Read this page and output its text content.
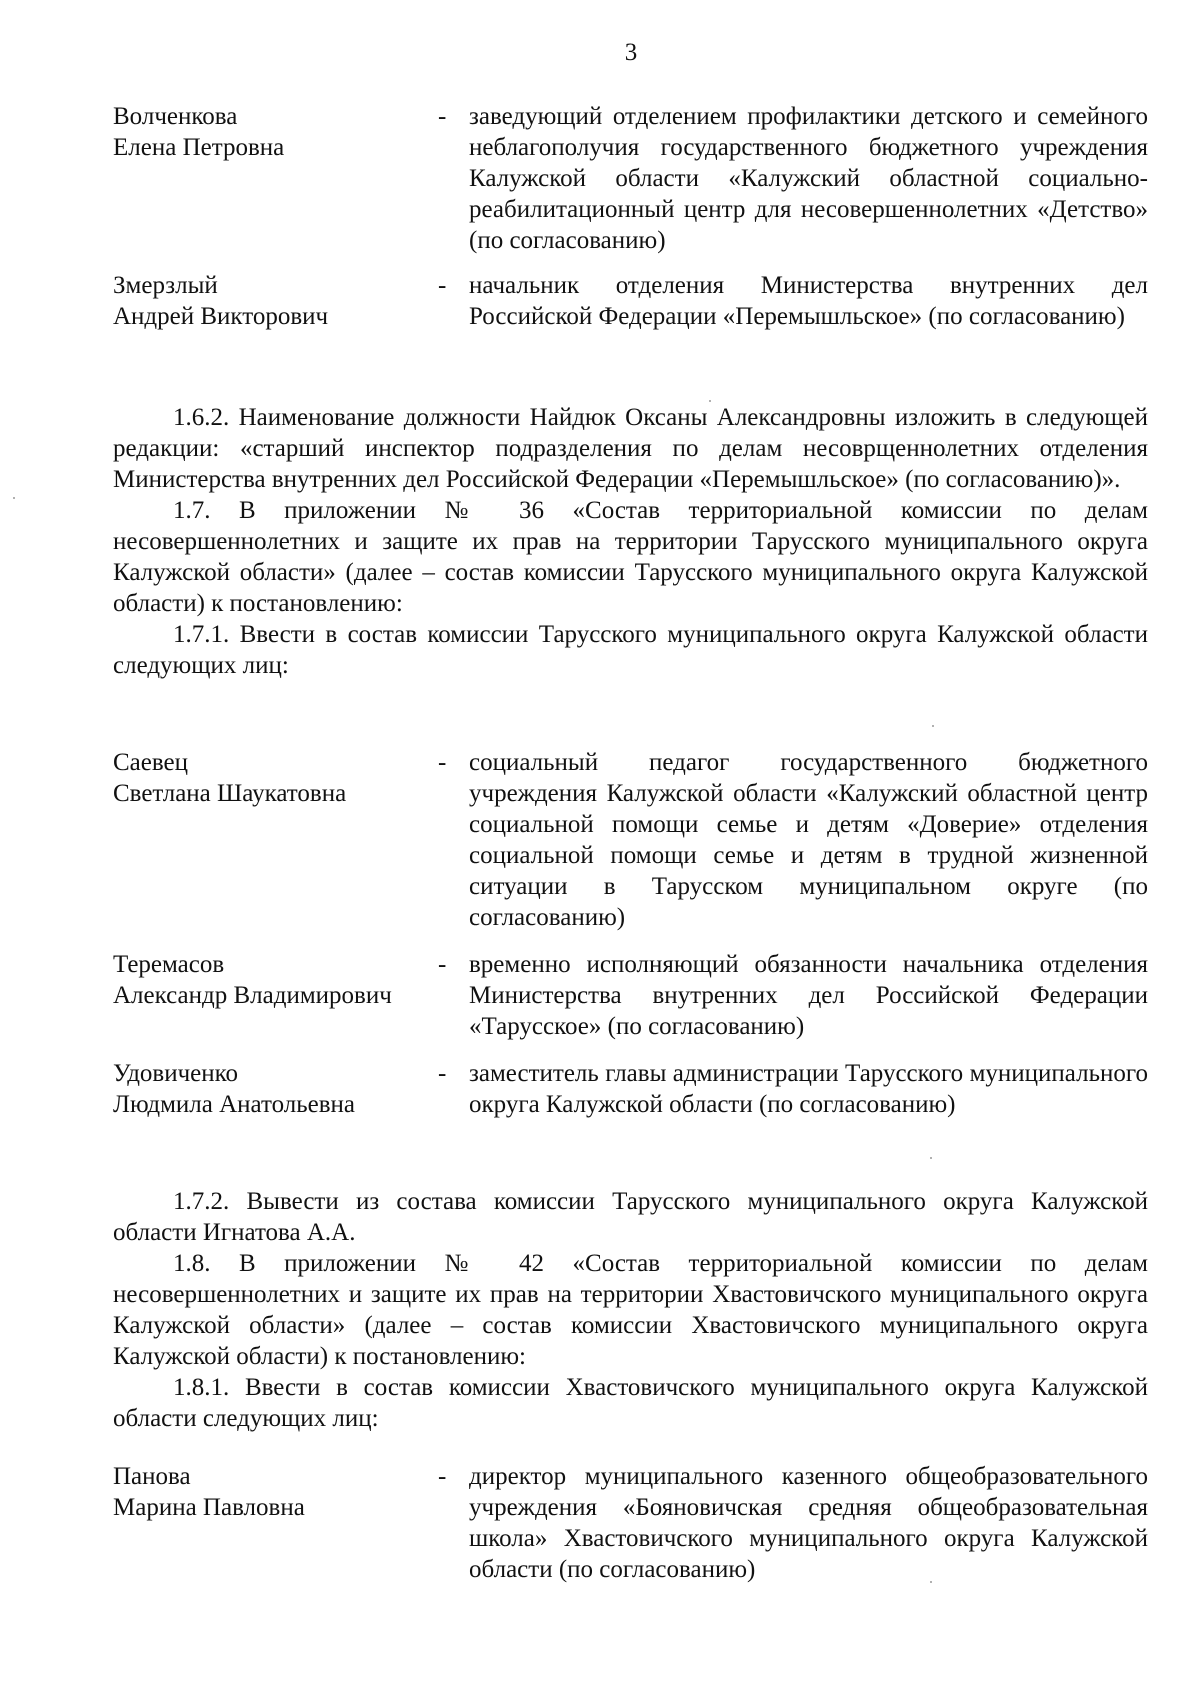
3
Волченкова
Елена Петровна
- заведующий отделением профилактики детского и семейного неблагополучия государственного бюджетного учреждения Калужской области «Калужский областной социально-реабилитационный центр для несовершеннолетних «Детство» (по согласованию)
Змерзлый
Андрей Викторович
- начальник отделения Министерства внутренних дел Российской Федерации «Перемышльское» (по согласованию)

1.6.2. Наименование должности Найдюк Оксаны Александровны изложить в следующей редакции: «старший инспектор подразделения по делам несоврщеннолетних отделения Министерства внутренних дел Российской Федерации «Перемышльское» (по согласованию)».

1.7. В приложении № 36 «Состав территориальной комиссии по делам несовершеннолетних и защите их прав на территории Тарусского муниципального округа Калужской области» (далее – состав комиссии Тарусского муниципального округа Калужской области) к постановлению:

1.7.1. Ввести в состав комиссии Тарусского муниципального округа Калужской области следующих лиц:

Саевец
Светлана Шаукатовна
- социальный педагог государственного бюджетного учреждения Калужской области «Калужский областной центр социальной помощи семье и детям «Доверие» отделения социальной помощи семье и детям в трудной жизненной ситуации в Тарусском муниципальном округе (по согласованию)
Теремасов
Александр Владимирович
- временно исполняющий обязанности начальника отделения Министерства внутренних дел Российской Федерации «Тарусское» (по согласованию)
Удовиченко
Людмила Анатольевна
- заместитель главы администрации Тарусского муниципального округа Калужской области (по согласованию)

1.7.2. Вывести из состава комиссии Тарусского муниципального округа Калужской области Игнатова А.А.

1.8. В приложении № 42 «Состав территориальной комиссии по делам несовершеннолетних и защите их прав на территории Хвастовичского муниципального округа Калужской области» (далее – состав комиссии Хвастовичского муниципального округа Калужской области) к постановлению:

1.8.1. Ввести в состав комиссии Хвастовичского муниципального округа Калужской области следующих лиц:

Панова
Марина Павловна
- директор муниципального казенного общеобразовательного учреждения «Бояновичская средняя общеобразовательная школа» Хвастовичского муниципального округа Калужской области (по согласованию)
